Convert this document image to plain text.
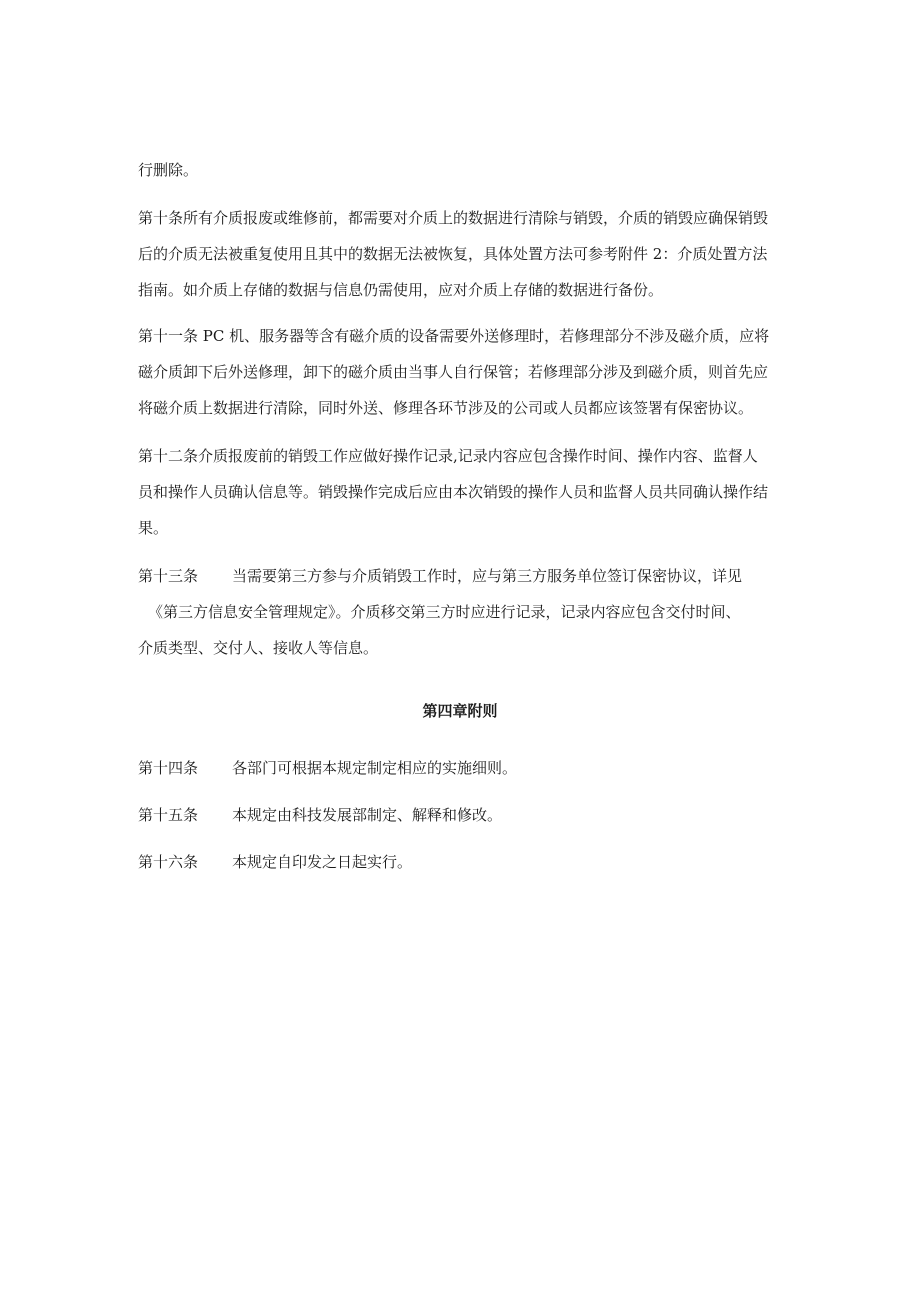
行删除。

第十条所有介质报废或维修前，都需要对介质上的数据进行清除与销毁，介质的销毁应确保销毁
后的介质无法被重复使用且其中的数据无法被恢复，具体处置方法可参考附件 2：介质处置方法
指南。如介质上存储的数据与信息仍需使用，应对介质上存储的数据进行备份。

第十一条 PC 机、服务器等含有磁介质的设备需要外送修理时，若修理部分不涉及磁介质，应将
磁介质卸下后外送修理，卸下的磁介质由当事人自行保管；若修理部分涉及到磁介质，则首先应
将磁介质上数据进行清除，同时外送、修理各环节涉及的公司或人员都应该签署有保密协议。

第十二条介质报废前的销毁工作应做好操作记录,记录内容应包含操作时间、操作内容、监督人
员和操作人员确认信息等。销毁操作完成后应由本次销毁的操作人员和监督人员共同确认操作结
果。

第十三条 当需要第三方参与介质销毁工作时，应与第三方服务单位签订保密协议，详见
《第三方信息安全管理规定》。介质移交第三方时应进行记录，记录内容应包含交付时间、
介质类型、交付人、接收人等信息。

第四章附则

第十四条 各部门可根据本规定制定相应的实施细则。

第十五条 本规定由科技发展部制定、解释和修改。

第十六条 本规定自印发之日起实行。
